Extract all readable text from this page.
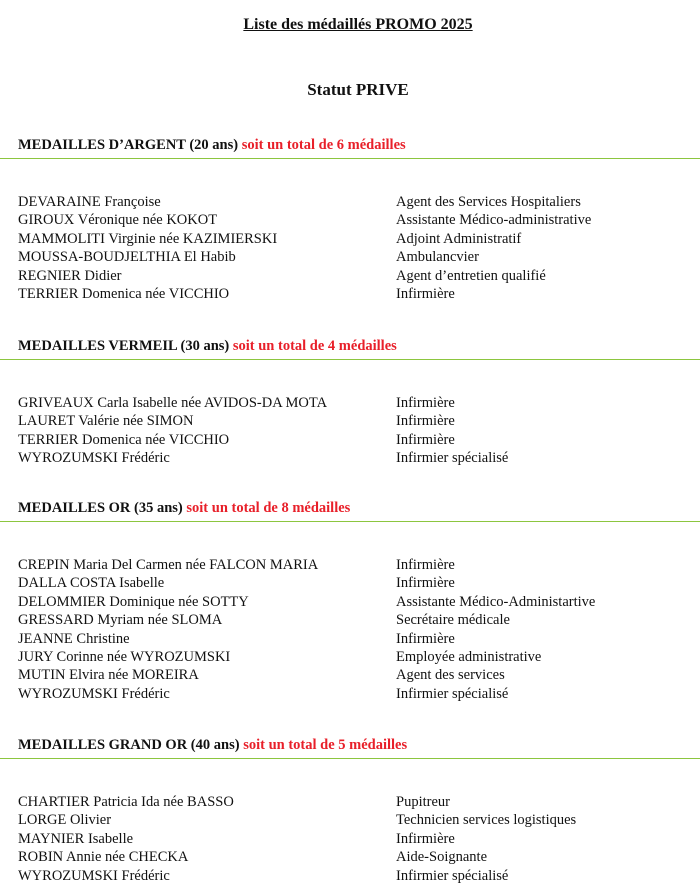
Liste des médaillés PROMO 2025
Statut PRIVE
MEDAILLES D’ARGENT (20 ans) soit un total de 6 médailles
DEVARAINE Françoise	Agent des Services Hospitaliers
GIROUX Véronique née KOKOT	Assistante Médico-administrative
MAMMOLITI Virginie née KAZIMIERSKI	Adjoint Administratif
MOUSSA-BOUDJELTHIA El Habib	Ambulancvier
REGNIER Didier	Agent d’entretien qualifié
TERRIER Domenica née VICCHIO	Infirmière
MEDAILLES VERMEIL (30 ans) soit un total de 4 médailles
GRIVEAUX Carla Isabelle née AVIDOS-DA MOTA	Infirmière
LAURET Valérie née SIMON	Infirmière
TERRIER Domenica née VICCHIO	Infirmière
WYROZUMSKI Frédéric	Infirmier spécialisé
MEDAILLES OR (35 ans) soit un total de 8 médailles
CREPIN Maria Del Carmen née FALCON MARIA	Infirmière
DALLA COSTA Isabelle	Infirmière
DELOMMIER Dominique née SOTTY	Assistante Médico-Administartive
GRESSARD Myriam née SLOMA	Secrétaire médicale
JEANNE Christine	Infirmière
JURY Corinne née WYROZUMSKI	Employée administrative
MUTIN Elvira née MOREIRA	Agent des services
WYROZUMSKI Frédéric	Infirmier spécialisé
MEDAILLES GRAND OR (40 ans) soit un total de 5 médailles
CHARTIER Patricia Ida née BASSO	Pupitreur
LORGE Olivier	Technicien services logistiques
MAYNIER Isabelle	Infirmière
ROBIN Annie née CHECKA	Aide-Soignante
WYROZUMSKI Frédéric	Infirmier spécialisé
